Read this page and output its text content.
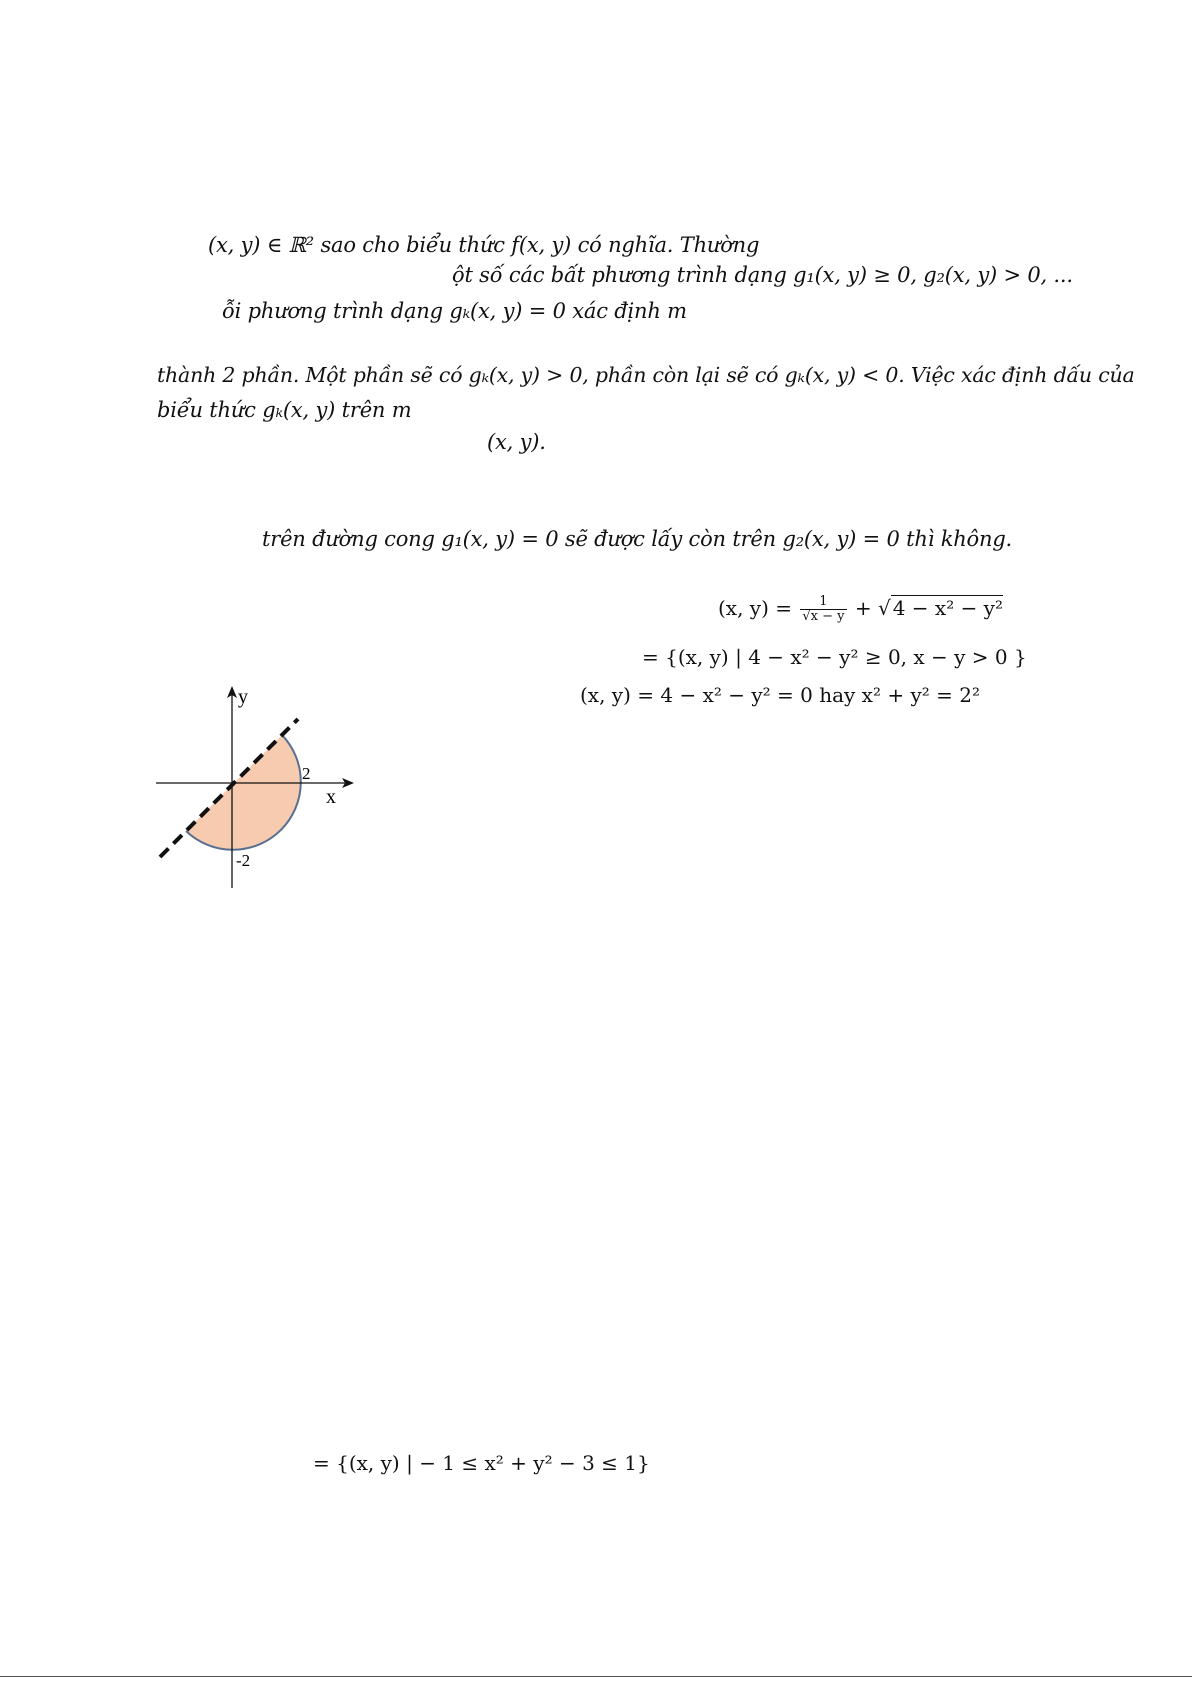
(x, y) ∈ ℝ² sao cho biểu thức f(x, y) có nghĩa. Thường
ột số các bất phương trình dạng g₁(x, y) ≥ 0, g₂(x, y) > 0, ...
ỗi phương trình dạng gₖ(x, y) = 0 xác định m
thành 2 phần. Một phần sẽ có gₖ(x, y) > 0, phần còn lại sẽ có gₖ(x, y) < 0. Việc xác định dấu của
biểu thức gₖ(x, y) trên m
(x, y).
trên đường cong g₁(x, y) = 0 sẽ được lấy còn trên g₂(x, y) = 0 thì không.
(x, $y) = \frac{1}{√x - y}$ + √ 4 − x² − y²
= {(x, y) | 4 − x² − y² ≥ 0, x − y > 0 }
(x, y) = 4 − x² − y² = 0 hay x² + y² = 2²
y
x
2
-2
= {(x, y) | − 1 ≤ x² + y² − 3 ≤ 1}
